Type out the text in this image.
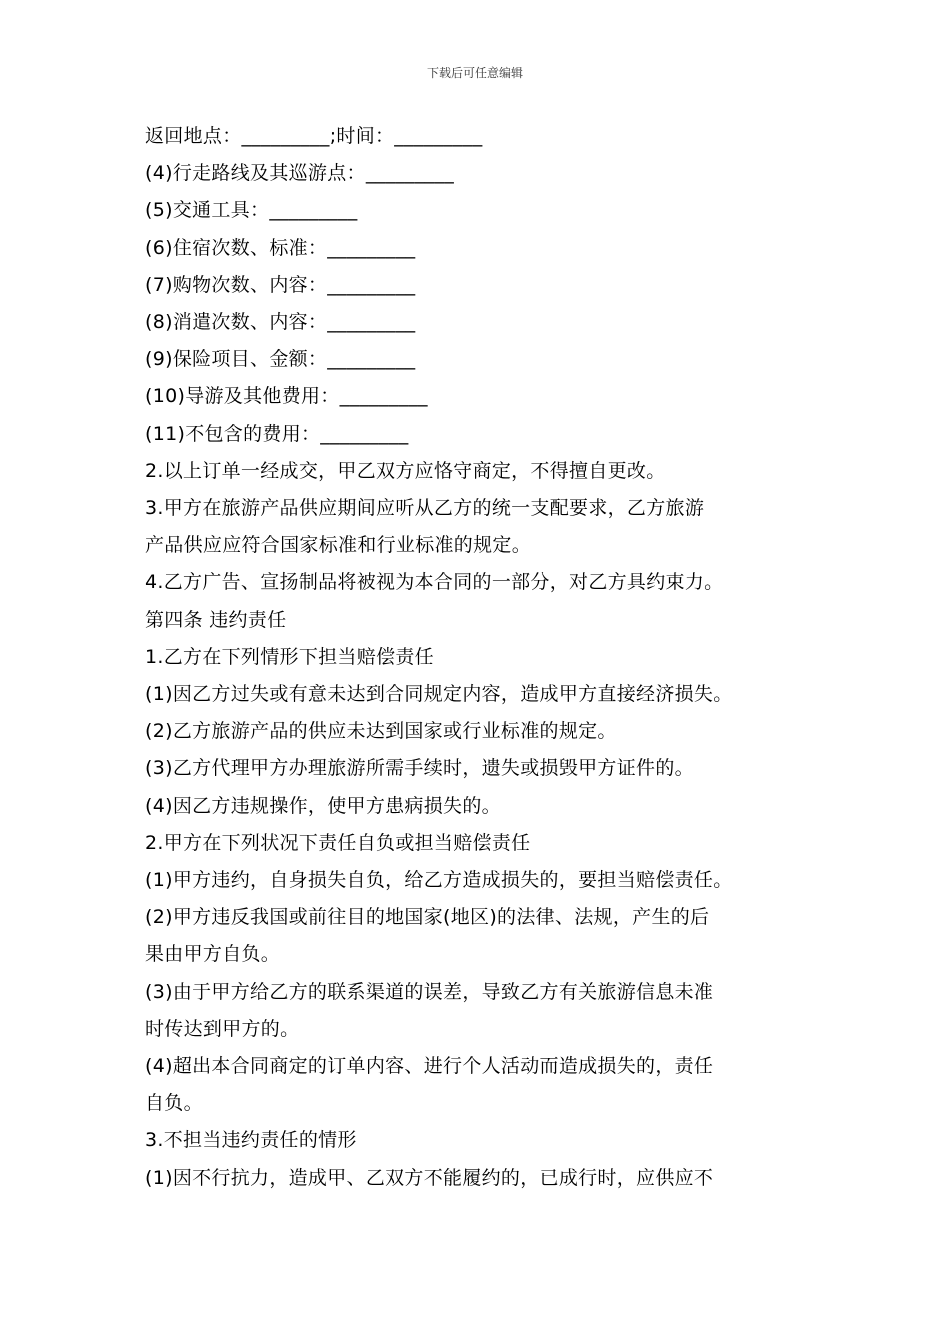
下载后可任意编辑
返回地点：_________;时间：_________
(4)行走路线及其巡游点：_________
(5)交通工具：_________
(6)住宿次数、标准：_________
(7)购物次数、内容：_________
(8)消遣次数、内容：_________
(9)保险项目、金额：_________
(10)导游及其他费用：_________
(11)不包含的费用：_________
2.以上订单一经成交，甲乙双方应恪守商定，不得擅自更改。
3.甲方在旅游产品供应期间应听从乙方的统一支配要求，乙方旅游
产品供应应符合国家标准和行业标准的规定。
4.乙方广告、宣扬制品将被视为本合同的一部分，对乙方具约束力。
第四条 违约责任
1.乙方在下列情形下担当赔偿责任
(1)因乙方过失或有意未达到合同规定内容，造成甲方直接经济损失。
(2)乙方旅游产品的供应未达到国家或行业标准的规定。
(3)乙方代理甲方办理旅游所需手续时，遗失或损毁甲方证件的。
(4)因乙方违规操作，使甲方患病损失的。
2.甲方在下列状况下责任自负或担当赔偿责任
(1)甲方违约，自身损失自负，给乙方造成损失的，要担当赔偿责任。
(2)甲方违反我国或前往目的地国家(地区)的法律、法规，产生的后
果由甲方自负。
(3)由于甲方给乙方的联系渠道的误差，导致乙方有关旅游信息未准
时传达到甲方的。
(4)超出本合同商定的订单内容、进行个人活动而造成损失的，责任
自负。
3.不担当违约责任的情形
(1)因不行抗力，造成甲、乙双方不能履约的，已成行时，应供应不
